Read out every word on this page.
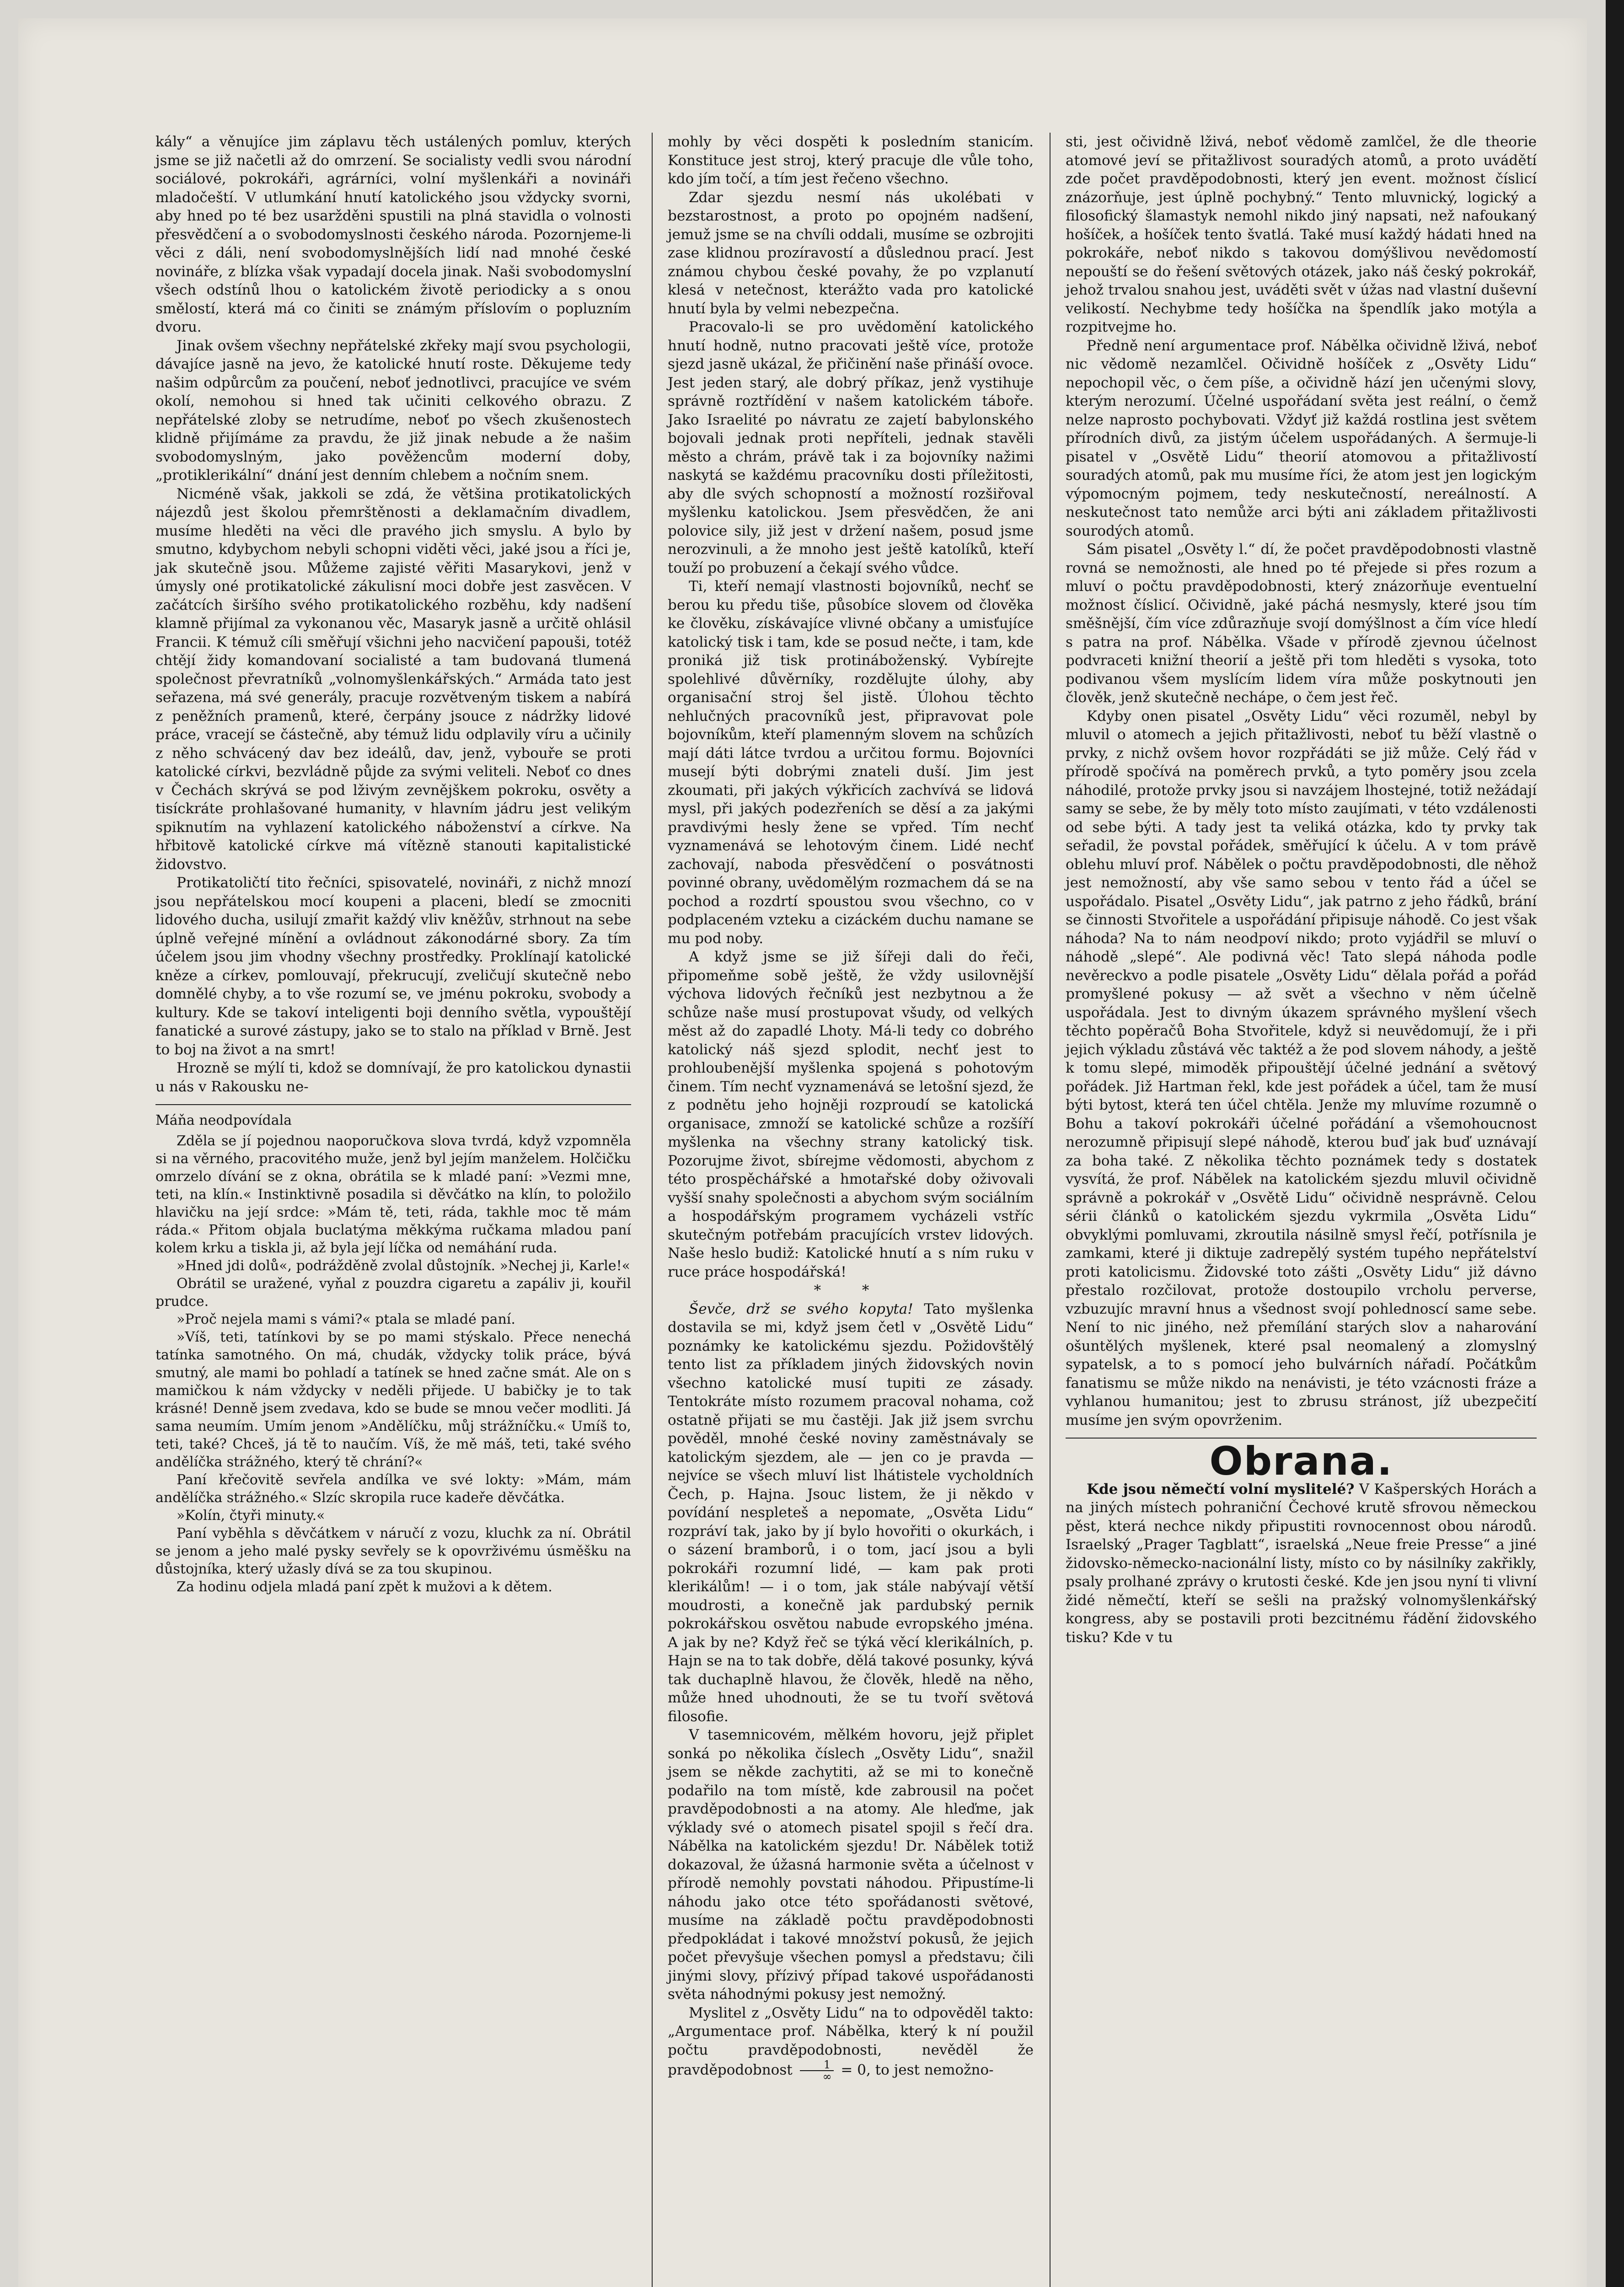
kály“ a věnujíce jim záplavu těch ustálených pomluv, kterých jsme se již načetli až do omrzení. Se socialisty vedli svou národní sociálové, pokrokáři, agrárníci, volní myšlenkáři a novináři mladočeští. V utlumkání hnutí katolického jsou vždycky svorni, aby hned po té bez usaržděni spustili na plná stavidla o volnosti přesvědčení a o svobodomyslnosti českého národa. Pozornjeme-li věci z dáli, není svobodomyslnějších lidí nad mnohé české novináře, z blízka však vypadají docela jinak. Naši svobodomyslní všech odstínů lhou o katolickém životě periodicky a s onou smělostí, která má co činiti se známým příslovím o popluzním dvoru.

Jinak ovšem všechny nepřátelské zkřeky mají svou psychologii, dávajíce jasně na jevo, že katolické hnutí roste. Děkujeme tedy našim odpůrcům za poučení, neboť jednotlivci, pracujíce ve svém okolí, nemohou si hned tak učiniti celkového obrazu. Z nepřátelské zloby se netrudíme, neboť po všech zkušenostech klidně přijímáme za pravdu, že již jinak nebude a že našim svobodomyslným, jako pověžencům moderní doby, „protiklerikální“ dnání jest denním chlebem a nočním snem.

Nicméně však, jakkoli se zdá, že většina protikatolických nájezdů jest školou přemrštěnosti a deklamačním divadlem, musíme hleděti na věci dle pravého jich smyslu. A bylo by smutno, kdybychom nebyli schopni viděti věci, jaké jsou a říci je, jak skutečně jsou. Můžeme zajisté věřiti Masarykovi, jenž v úmysly oné protikatolické zákulisní moci dobře jest zasvěcen. V začátcích širšího svého protikatolického rozběhu, kdy nadšení klamně přijímal za vykonanou věc, Masaryk jasně a určitě ohlásil Francii. K témuž cíli směřují všichni jeho nacvičení papouši, totéž chtějí židy komandovaní socialisté a tam budovaná tlumená společnost převratníků „volnomyšlenkářských.“ Armáda tato jest seřazena, má své generály, pracuje rozvětveným tiskem a nabírá z peněžních pramenů, které, čerpány jsouce z nádržky lidové práce, vracejí se částečně, aby témuž lidu odplavily víru a učinily z něho schvácený dav bez ideálů, dav, jenž, vybouře se proti katolické církvi, bezvládně půjde za svými veliteli. Neboť co dnes v Čechách skrývá se pod lživým zevnějškem pokroku, osvěty a tisíckráte prohlašované humanity, v hlavním jádru jest velikým spiknutím na vyhlazení katolického náboženství a církve. Na hřbitově katolické církve má vítězně stanouti kapitalistické židovstvo.

Protikatoličtí tito řečníci, spisovatelé, novináři, z nichž mnozí jsou nepřátelskou mocí koupeni a placeni, bledí se zmocniti lidového ducha, usilují zmařit každý vliv kněžův, strhnout na sebe úplně veřejné mínění a ovládnout zákonodárné sbory. Za tím účelem jsou jim vhodny všechny prostředky. Proklínají katolické kněze a církev, pomlouvají, překrucují, zveličují skutečně nebo domnělé chyby, a to vše rozumí se, ve jménu pokroku, svobody a kultury. Kde se takoví inteligenti boji denního světla, vypouštějí fanatické a surové zástupy, jako se to stalo na příklad v Brně. Jest to boj na život a na smrt!

Hrozně se mýlí ti, kdož se domnívají, že pro katolickou dynastii u nás v Rakousku ne-

Máňa neodpovídala

Zděla se jí pojednou naoporučkova slova tvrdá, když vzpomněla si na věrného, pracovitého muže, jenž byl jejím manželem. Holčičku omrzelo dívání se z okna, obrátila se k mladé paní: »Vezmi mne, teti, na klín.« Instinktivně posadila si děvčátko na klín, to položilo hlavičku na její srdce: »Mám tě, teti, ráda, takhle moc tě mám ráda.« Přitom objala buclatýma měkkýma ručkama mladou paní kolem krku a tiskla ji, až byla její líčka od nemáhání ruda.

»Hned jdi dolů«, podrážděně zvolal důstojník. »Nechej ji, Karle!«

Obrátil se uražené, vyňal z pouzdra cigaretu a zapáliv ji, kouřil prudce.

»Proč nejela mami s vámi?« ptala se mladé paní.

»Víš, teti, tatínkovi by se po mami stýskalo. Přece nenechá tatínka samotného. On má, chudák, vždycky tolik práce, bývá smutný, ale mami bo pohladí a tatínek se hned začne smát. Ale on s mamičkou k nám vždycky v neděli přijede. U babičky je to tak krásné! Denně jsem zvedava, kdo se bude se mnou večer modliti. Já sama neumím. Umím jenom »Andělíčku, můj strážníčku.« Umíš to, teti, také? Chceš, já tě to naučím. Víš, že mě máš, teti, také svého andělíčka strážného, který tě chrání?«

Paní křečovitě sevřela andílka ve své lokty: »Mám, mám andělíčka strážného.« Slzíc skropila ruce kadeře děvčátka.

»Kolín, čtyři minuty.«

Paní vyběhla s děvčátkem v náručí z vozu, kluchk za ní. Obrátil se jenom a jeho malé pysky sevřely se k opovrživému úsměšku na důstojníka, který užasly dívá se za tou skupinou.

Za hodinu odjela mladá paní zpět k mužovi a k dětem.

mohly by věci dospěti k posledním stanicím. Konstituce jest stroj, který pracuje dle vůle toho, kdo jím točí, a tím jest řečeno všechno.

Zdar sjezdu nesmí nás ukolébati v bezstarostnost, a proto po opojném nadšení, jemuž jsme se na chvíli oddali, musíme se ozbrojiti zase klidnou prozíravostí a důslednou prací. Jest známou chybou české povahy, že po vzplanutí klesá v netečnost, kterážto vada pro katolické hnutí byla by velmi nebezpečna.

Pracovalo-li se pro uvědomění katolického hnutí hodně, nutno pracovati ještě více, protože sjezd jasně ukázal, že přičinění naše přináší ovoce. Jest jeden starý, ale dobrý příkaz, jenž vystihuje správně roztřídění v našem katolickém táboře. Jako Israelité po návratu ze zajetí babylonského bojovali jednak proti nepříteli, jednak stavěli město a chrám, právě tak i za bojovníky nažimi naskytá se každému pracovníku dosti příležitosti, aby dle svých schopností a možností rozšiřoval myšlenku katolickou. Jsem přesvědčen, že ani polovice sily, již jest v držení našem, posud jsme nerozvinuli, a že mnoho jest ještě katolíků, kteří touží po probuzení a čekají svého vůdce.

Ti, kteří nemají vlastnosti bojovníků, nechť se berou ku předu tiše, působíce slovem od člověka ke člověku, získávajíce vlivné občany a umisťujíce katolický tisk i tam, kde se posud nečte, i tam, kde proniká již tisk protináboženský. Vybírejte spolehlivé důvěrníky, rozdělujte úlohy, aby organisační stroj šel jistě. Úlohou těchto nehlučných pracovníků jest, připravovat pole bojovníkům, kteří plamenným slovem na schůzích mají dáti látce tvrdou a určitou formu. Bojovníci musejí býti dobrými znateli duší. Jim jest zkoumati, při jakých výkřicích zachvívá se lidová mysl, při jakých podezřeních se děsí a za jakými pravdivými hesly žene se vpřed. Tím nechť vyznamenává se lehotovým činem. Lidé nechť zachovají, naboda přesvědčení o posvátnosti povinné obrany, uvědomělým rozmachem dá se na pochod a rozdrtí spoustou svou všechno, co v podplaceném vzteku a cizáckém duchu namane se mu pod noby.

A když jsme se již šířeji dali do řeči, připomeňme sobě ještě, že vždy usilovnější výchova lidových řečníků jest nezbytnou a že schůze naše musí prostupovat všudy, od velkých měst až do zapadlé Lhoty. Má-li tedy co dobrého katolický náš sjezd splodit, nechť jest to prohloubenější myšlenka spojená s pohotovým činem. Tím nechť vyznamenává se letošní sjezd, že z podnětu jeho hojněji rozproudí se katolická organisace, zmnoží se katolické schůze a rozšíří myšlenka na všechny strany katolický tisk. Pozorujme život, sbírejme vědomosti, abychom z této prospěchářské a hmotařské doby oživovali vyšší snahy společnosti a abychom svým sociálním a hospodářským programem vycházeli vstříc skutečným potřebám pracujících vrstev lidových. Naše heslo budiž: Katolické hnutí a s ním ruku v ruce práce hospodářská!

* *

Ševče, drž se svého kopyta! Tato myšlenka dostavila se mi, když jsem četl v „Osvětě Lidu“ poznámky ke katolickému sjezdu. Požidovštělý tento list za příkladem jiných židovských novin všechno katolické musí tupiti ze zásady. Tentokráte místo rozumem pracoval nohama, což ostatně přijati se mu častěji. Jak již jsem svrchu pověděl, mnohé české noviny zaměstnávaly se katolickým sjezdem, ale — jen co je pravda — nejvíce se všech mluví list lhátistele vycholdních Čech, p. Hajna. Jsouc listem, že ji někdo v povídání nespleteš a nepomate, „Osvěta Lidu“ rozpráví tak, jako by jí bylo hovořiti o okurkách, i o sázení bramborů, i o tom, jací jsou a byli pokrokáři rozumní lidé, — kam pak proti klerikálům! — i o tom, jak stále nabývají větší moudrosti, a konečně jak pardubský pernik pokrokářskou osvětou nabude evropského jména. A jak by ne? Když řeč se týká věcí klerikálních, p. Hajn se na to tak dobře, dělá takové posunky, kývá tak duchaplně hlavou, že člověk, hledě na něho, může hned uhodnouti, že se tu tvoří světová filosofie.

V tasemnicovém, mělkém hovoru, jejž připlet sonká po několika číslech „Osvěty Lidu“, snažil jsem se někde zachytiti, až se mi to konečně podařilo na tom místě, kde zabrousil na počet pravděpodobnosti a na atomy. Ale hleďme, jak výklady své o atomech pisatel spojil s řečí dra. Nábělka na katolickém sjezdu! Dr. Nábělek totiž dokazoval, že úžasná harmonie světa a účelnost v přírodě nemohly povstati náhodou. Připustíme-li náhodu jako otce této spořádanosti světové, musíme na základě počtu pravděpodobnosti předpokládat i takové množství pokusů, že jejich počet převyšuje všechen pomysl a představu; čili jinými slovy, přízivý případ takové uspořádanosti světa náhodnými pokusy jest nemožný.

Myslitel z „Osvěty Lidu“ na to odpověděl takto: „Argumentace prof. Nábělka, který k ní použil počtu pravděpodobnosti, nevěděl že pravděpodobnost $\frac{1}{\infty} = 0$, to jest nemožno-

sti, jest očividně lživá, neboť vědomě zamlčel, že dle theorie atomové jeví se přitažlivost souradých atomů, a proto uvádětí zde počet pravděpodobnosti, který jen event. možnost číslicí znázorňuje, jest úplně pochybný.“ Tento mluvnický, logický a filosofický šlamastyk nemohl nikdo jiný napsati, než nafoukaný hošíček, a hošíček tento švatlá. Také musí každý hádati hned na pokrokáře, neboť nikdo s takovou domýšlivou nevědomostí nepouští se do řešení světových otázek, jako náš český pokrokář, jehož trvalou snahou jest, uváděti svět v úžas nad vlastní duševní velikostí. Nechybme tedy hošíčka na špendlík jako motýla a rozpitvejme ho.

Předně není argumentace prof. Nábělka očividně lživá, neboť nic vědomě nezamlčel. Očividně hošíček z „Osvěty Lidu“ nepochopil věc, o čem píše, a očividně hází jen učenými slovy, kterým nerozumí. Účelné uspořádaní světa jest reální, o čemž nelze naprosto pochybovati. Vždyť již každá rostlina jest světem přírodních divů, za jistým účelem uspořádaných. A šermuje-li pisatel v „Osvětě Lidu“ theorií atomovou a přitažlivostí souradých atomů, pak mu musíme říci, že atom jest jen logickým výpomocným pojmem, tedy neskutečností, nereálností. A neskutečnost tato nemůže arci býti ani základem přitažlivosti sourodých atomů.

Sám pisatel „Osvěty l.“ dí, že počet pravděpodobnosti vlastně rovná se nemožnosti, ale hned po té přejede si přes rozum a mluví o počtu pravděpodobnosti, který znázorňuje eventuelní možnost číslicí. Očividně, jaké páchá nesmysly, které jsou tím směšnější, čím více zdůrazňuje svojí domýšlnost a čím více hledí s patra na prof. Nábělka. Všade v přírodě zjevnou účelnost podvraceti knižní theorií a ještě při tom hleděti s vysoka, toto podivanou všem myslícím lidem víra může poskytnouti jen člověk, jenž skutečně nechápe, o čem jest řeč.

Kdyby onen pisatel „Osvěty Lidu“ věci rozuměl, nebyl by mluvil o atomech a jejich přitažlivosti, neboť tu běží vlastně o prvky, z nichž ovšem hovor rozpřádáti se již může. Celý řád v přírodě spočívá na poměrech prvků, a tyto poměry jsou zcela náhodilé, protože prvky jsou si navzájem lhostejné, totiž nežádají samy se sebe, že by měly toto místo zaujímati, v této vzdálenosti od sebe býti. A tady jest ta veliká otázka, kdo ty prvky tak seřadil, že povstal pořádek, směřující k účelu. A v tom právě oblehu mluví prof. Nábělek o počtu pravděpodobnosti, dle něhož jest nemožností, aby vše samo sebou v tento řád a účel se uspořádalo. Pisatel „Osvěty Lidu“, jak patrno z jeho řádků, brání se činnosti Stvořitele a uspořádání připisuje náhodě. Co jest však náhoda? Na to nám neodpoví nikdo; proto vyjádřil se mluví o náhodě „slepé“. Ale podivná věc! Tato slepá náhoda podle nevěreckvo a podle pisatele „Osvěty Lidu“ dělala pořád a pořád promyšlené pokusy — až svět a všechno v něm účelně uspořádala. Jest to divným úkazem správného myšlení všech těchto popěračů Boha Stvořitele, když si neuvědomují, že i při jejich výkladu zůstává věc taktéž a že pod slovem náhody, a ještě k tomu slepé, mimoděk připouštějí účelné jednání a světový pořádek. Již Hartman řekl, kde jest pořádek a účel, tam že musí býti bytost, která ten účel chtěla. Jenže my mluvíme rozumně o Bohu a takoví pokrokáři účelné pořádání a všemohoucnost nerozumně připisují slepé náhodě, kterou buď jak buď uznávají za boha také. Z několika těchto poznámek tedy s dostatek vysvítá, že prof. Nábělek na katolickém sjezdu mluvil očividně správně a pokrokář v „Osvětě Lidu“ očividně nesprávně. Celou sérii článků o katolickém sjezdu vykrmila „Osvěta Lidu“ obvyklými pomluvami, zkroutila násilně smysl řečí, potřísnila je zamkami, které ji diktuje zadrepělý systém tupého nepřátelství proti katolicismu. Židovské toto zášti „Osvěty Lidu“ již dávno přestalo rozčilovat, protože dostoupilo vrcholu perverse, vzbuzujíc mravní hnus a všednost svojí pohlednoscí same sebe. Není to nic jiného, než přemílání starých slov a naharování ošuntělých myšlenek, které psal neomalený a zlomyslný sypatelsk, a to s pomocí jeho bulvárních nářadí. Počátkům fanatismu se může nikdo na nenávisti, je této vzácnosti fráze a vyhlanou humanitou; jest to zbrusu stránost, jíž ubezpečití musíme jen svým opovrženim.

Obrana.

Kde jsou němečtí volní myslitelé? V Kašperských Horách a na jiných místech pohraniční Čechové krutě sfrovou německou pěst, která nechce nikdy připustiti rovnocennost obou národů. Israelský „Prager Tagblatt“, israelská „Neue freie Presse“ a jiné židovsko-německo-nacionální listy, místo co by násilníky zakřikly, psaly prolhané zprávy o krutosti české. Kde jen jsou nyní ti vlivní židé němečtí, kteří se sešli na pražský volnomyšlenkářský kongress, aby se postavili proti bezcitnému řádění židovského tisku? Kde v tu
